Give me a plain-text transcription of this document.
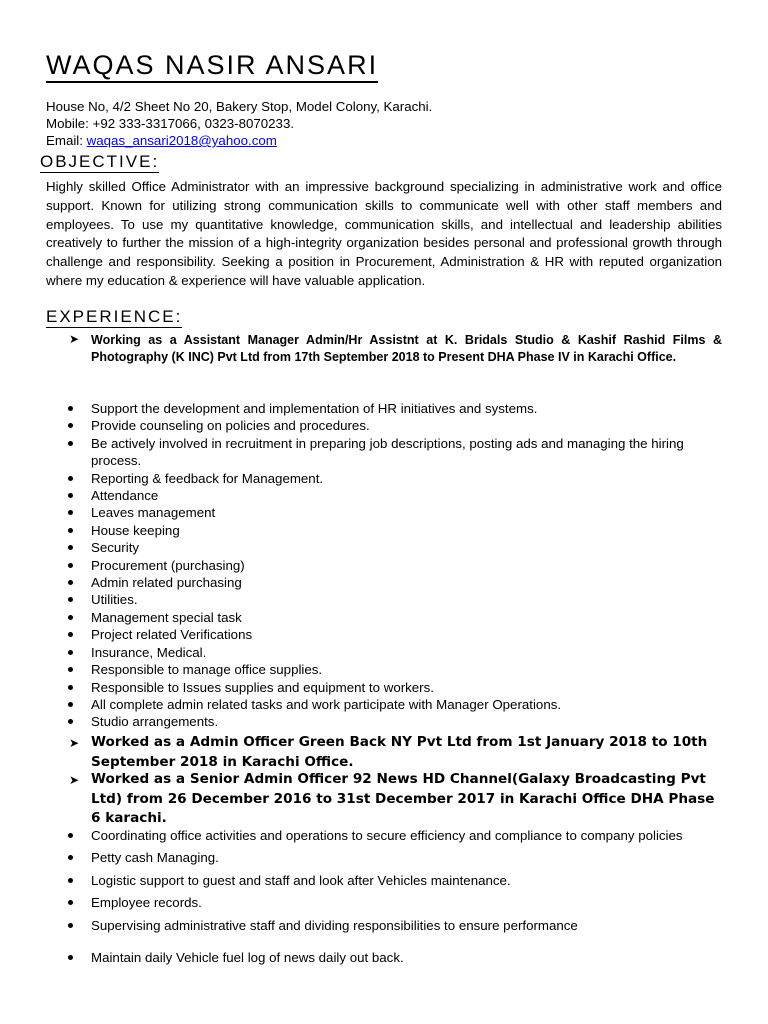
WAQAS NASIR ANSARI
House No, 4/2 Sheet No 20, Bakery Stop, Model Colony, Karachi.
Mobile: +92 333-3317066, 0323-8070233.
Email: waqas_ansari2018@yahoo.com
OBJECTIVE:
Highly skilled Office Administrator with an impressive background specializing in administrative work and office support. Known for utilizing strong communication skills to communicate well with other staff members and employees. To use my quantitative knowledge, communication skills, and intellectual and leadership abilities creatively to further the mission of a high-integrity organization besides personal and professional growth through challenge and responsibility. Seeking a position in Procurement, Administration & HR with reputed organization where my education & experience will have valuable application.
EXPERIENCE:
➤ Working as a Assistant Manager Admin/Hr Assistnt at K. Bridals Studio & Kashif Rashid Films & Photography (K INC) Pvt Ltd from 17th September 2018 to Present DHA Phase IV in Karachi Office.
Support the development and implementation of HR initiatives and systems.
Provide counseling on policies and procedures.
Be actively involved in recruitment in preparing job descriptions, posting ads and managing the hiring process.
Reporting & feedback for Management.
Attendance
Leaves management
House keeping
Security
Procurement (purchasing)
Admin related purchasing
Utilities.
Management special task
Project related Verifications
Insurance, Medical.
Responsible to manage office supplies.
Responsible to Issues supplies and equipment to workers.
All complete admin related tasks and work participate with Manager Operations.
Studio arrangements.
➤ Worked as a Admin Officer Green Back NY Pvt Ltd from 1st January 2018 to 10th September 2018 in Karachi Office.
➤ Worked as a Senior Admin Officer 92 News HD Channel(Galaxy Broadcasting Pvt Ltd) from 26 December 2016 to 31st December 2017 in Karachi Office DHA Phase 6 karachi.
Coordinating office activities and operations to secure efficiency and compliance to company policies
Petty cash Managing.
Logistic support to guest and staff and look after Vehicles maintenance.
Employee records.
Supervising administrative staff and dividing responsibilities to ensure performance
Maintain daily Vehicle fuel log of news daily out back.
